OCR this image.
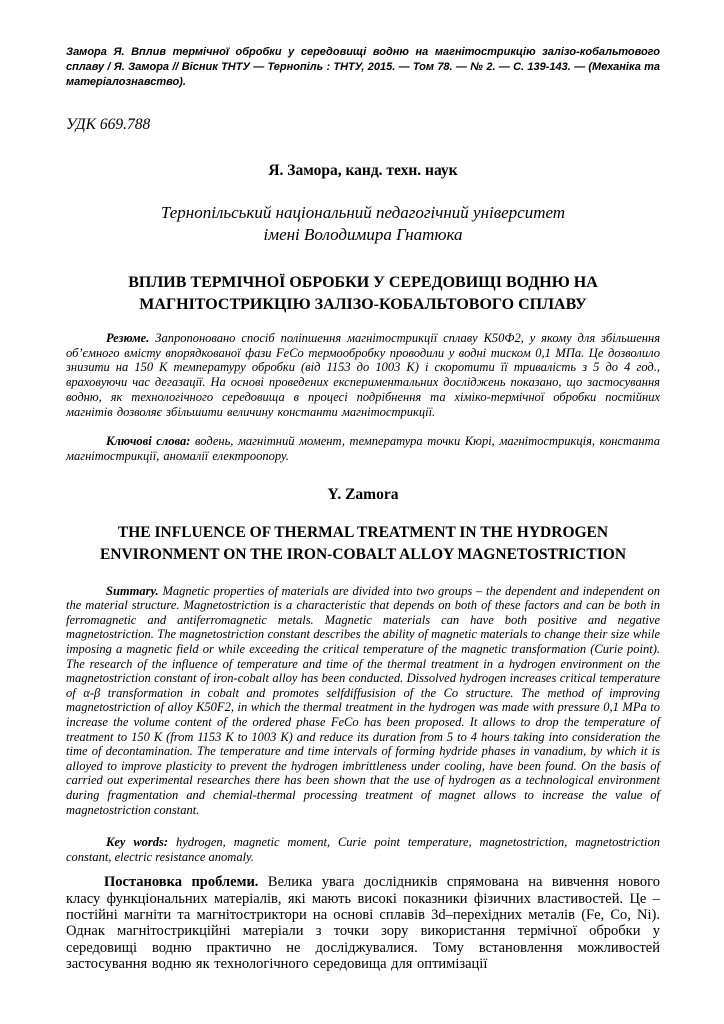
Замора Я. Вплив термічної обробки у середовищі водню на магнітострикцію залізо-кобальтового сплаву / Я. Замора // Вісник ТНТУ — Тернопіль : ТНТУ, 2015. — Том 78. — № 2. — С. 139-143. — (Механіка та матеріалознавство).

УДК 669.788

Я. Замора, канд. техн. наук

Тернопільський національний педагогічний університет
імені Володимира Гнатюка

ВПЛИВ ТЕРМІЧНОЇ ОБРОБКИ У СЕРЕДОВИЩІ ВОДНЮ НА МАГНІТОСТРИКЦІЮ ЗАЛІЗО-КОБАЛЬТОВОГО СПЛАВУ

Резюме. Запропоновано спосіб поліпшення магнітострикції сплаву К50Ф2, у якому для збільшення об’ємного вмісту впорядкованої фази FeCo термообробку проводили у водні тиском 0,1 МПа. Це дозволило знизити на 150 К температуру обробки (від 1153 до 1003 К) і скоротити її тривалість з 5 до 4 год., враховуючи час дегазації. На основі проведених експериментальних досліджень показано, що застосування водню, як технологічного середовища в процесі подрібнення та хіміко-термічної обробки постійних магнітів дозволяє збільшити величину константи магнітострикції.

Ключові слова: водень, магнітний момент, температура точки Кюрі, магнітострикція, константа магнітострикції, аномалії електроопору.

Y. Zamora

THE INFLUENCE OF THERMAL TREATMENT IN THE HYDROGEN ENVIRONMENT ON THE IRON-COBALT ALLOY MAGNETOSTRICTION

Summary. Magnetic properties of materials are divided into two groups – the dependent and independent on the material structure. Magnetostriction is a characteristic that depends on both of these factors and can be both in ferromagnetic and antiferromagnetic metals. Magnetic materials can have both positive and negative magnetostriction. The magnetostriction constant describes the ability of magnetic materials to change their size while imposing a magnetic field or while exceeding the critical temperature of the magnetic transformation (Curie point). The research of the influence of temperature and time of the thermal treatment in a hydrogen environment on the magnetostriction constant of iron-cobalt alloy has been conducted. Dissolved hydrogen increases critical temperature of α-β transformation in cobalt and promotes selfdiffusision of the Co structure. The method of improving magnetostriction of alloy K50F2, in which the thermal treatment in the hydrogen was made with pressure 0,1 MPa to increase the volume content of the ordered phase FeCo has been proposed. It allows to drop the temperature of treatment to 150 K (from 1153 K to 1003 K) and reduce its duration from 5 to 4 hours taking into consideration the time of decontamination. The temperature and time intervals of forming hydride phases in vanadium, by which it is alloyed to improve plasticity to prevent the hydrogen imbrittleness under cooling, have been found. On the basis of carried out experimental researches there has been shown that the use of hydrogen as a technological environment during fragmentation and chemial-thermal processing treatment of magnet allows to increase the value of magnetostriction constant.

Key words: hydrogen, magnetic moment, Curie point temperature, magnetostriction, magnetostriction constant, electric resistance anomaly.

Постановка проблеми. Велика увага дослідників спрямована на вивчення нового класу функціональних матеріалів, які мають високі показники фізичних властивостей. Це – постійні магніти та магнітостриктори на основі сплавів 3d–перехідних металів (Fe, Co, Ni). Однак магнітострикційні матеріали з точки зору використання термічної обробки у середовищі водню практично не досліджувалися. Тому встановлення можливостей застосування водню як технологічного середовища для оптимізації
